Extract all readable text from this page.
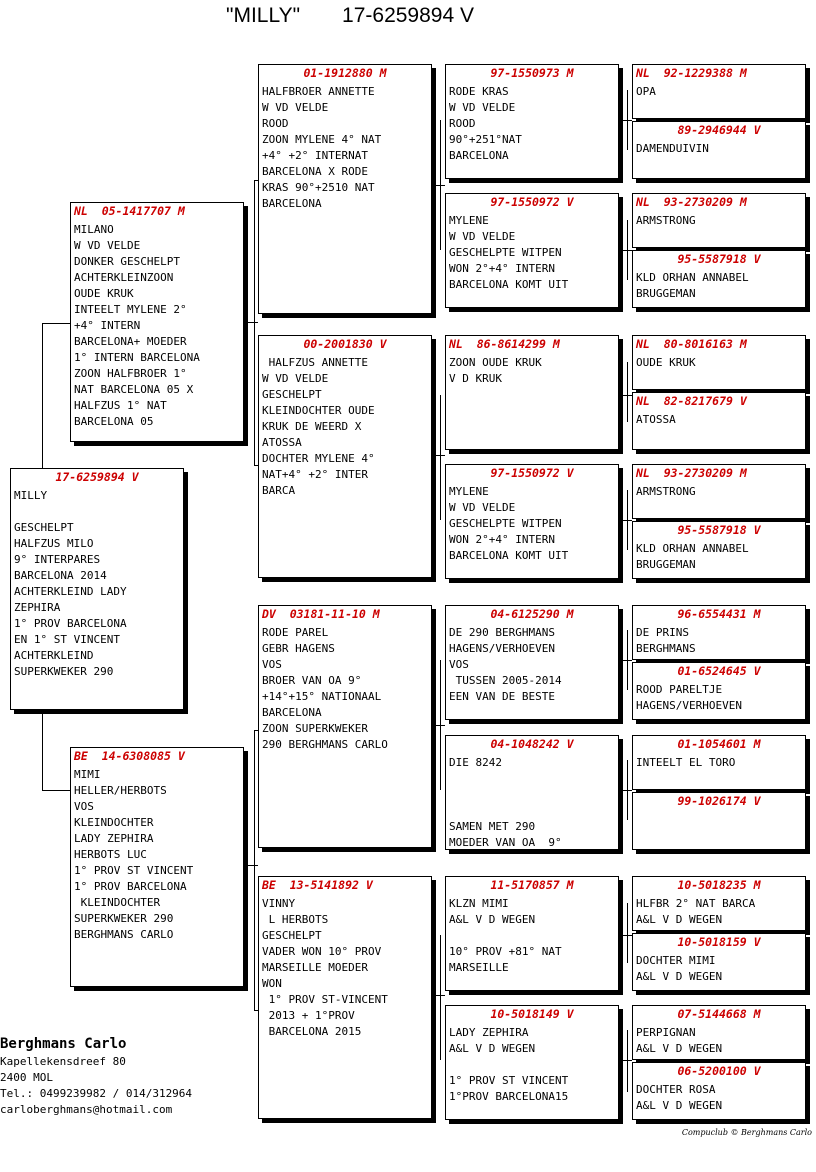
"MILLY" 17-6259894 V
17-6259894 V
MILLY

GESCHELPT
HALFZUS MILO
9° INTERPARES
BARCELONA 2014
ACHTERKLEIND LADY
ZEPHIRA
1° PROV BARCELONA
EN 1° ST VINCENT
ACHTERKLEIND
SUPERKWEKER 290
NL  05-1417707 M
MILANO
W VD VELDE
DONKER GESCHELPT
ACHTERKLEINZOON
OUDE KRUK
INTEELT MYLENE 2°
+4° INTERN
BARCELONA+ MOEDER
1° INTERN BARCELONA
ZOON HALFBROER 1°
NAT BARCELONA 05 X
HALFZUS 1° NAT
BARCELONA 05
BE  14-6308085 V
MIMI
HELLER/HERBOTS
VOS
KLEINDOCHTER
LADY ZEPHIRA
HERBOTS LUC
1° PROV ST VINCENT
1° PROV BARCELONA
KLEINDOCHTER
SUPERKWEKER 290
BERGHMANS CARLO
01-1912880 M
HALFBROER ANNETTE
W VD VELDE
ROOD
ZOON MYLENE 4° NAT
+4° +2° INTERNAT
BARCELONA X RODE
KRAS 90°+2510 NAT
BARCELONA
00-2001830 V
HALFZUS ANNETTE
W VD VELDE
GESCHELPT
KLEINDOCHTER OUDE
KRUK DE WEERD X
ATOSSA
DOCHTER MYLENE 4°
NAT+4° +2° INTER
BARCA
DV  03181-11-10 M
RODE PAREL
GEBR HAGENS
VOS
BROER VAN OA 9°
+14°+15° NATIONAAL
BARCELONA
ZOON SUPERKWEKER
290 BERGHMANS CARLO
BE  13-5141892 V
VINNY
L HERBOTS
GESCHELPT
VADER WON 10° PROV
MARSEILLE MOEDER
WON
1° PROV ST-VINCENT
2013 + 1°PROV
BARCELONA 2015
97-1550973 M
RODE KRAS
W VD VELDE
ROOD
90°+251°NAT
BARCELONA
97-1550972 V
MYLENE
W VD VELDE
GESCHELPTE WITPEN
WON 2°+4° INTERN
BARCELONA KOMT UIT
NL  86-8614299 M
ZOON OUDE KRUK
V D KRUK
97-1550972 V
MYLENE
W VD VELDE
GESCHELPTE WITPEN
WON 2°+4° INTERN
BARCELONA KOMT UIT
04-6125290 M
DE 290 BERGHMANS
HAGENS/VERHOEVEN
VOS
TUSSEN 2005-2014
EEN VAN DE BESTE
04-1048242 V
DIE 8242

SAMEN MET 290
MOEDER VAN OA  9°
11-5170857 M
KLZN MIMI
A&L V D WEGEN

10° PROV +81° NAT
MARSEILLE
10-5018149 V
LADY ZEPHIRA
A&L V D WEGEN

1° PROV ST VINCENT
1°PROV BARCELONA15
NL  92-1229388 M
OPA
89-2946944 V
DAMENDUIVIN
NL  93-2730209 M
ARMSTRONG
95-5587918 V
KLD ORHAN ANNABEL
BRUGGEMAN
NL  80-8016163 M
OUDE KRUK
NL  82-8217679 V
ATOSSA
NL  93-2730209 M
ARMSTRONG
95-5587918 V
KLD ORHAN ANNABEL
BRUGGEMAN
96-6554431 M
DE PRINS
BERGHMANS
01-6524645 V
ROOD PARELTJE
HAGENS/VERHOEVEN
01-1054601 M
INTEELT EL TORO
99-1026174 V
10-5018235 M
HLFBR 2° NAT BARCA
A&L V D WEGEN
10-5018159 V
DOCHTER MIMI
A&L V D WEGEN
07-5144668 M
PERPIGNAN
A&L V D WEGEN
06-5200100 V
DOCHTER ROSA
A&L V D WEGEN
Berghmans Carlo
Kapellekensdreef 80
2400 MOL
Tel.: 0499239982 / 014/312964
carloberghmans@hotmail.com
Compuclub © Berghmans Carlo
